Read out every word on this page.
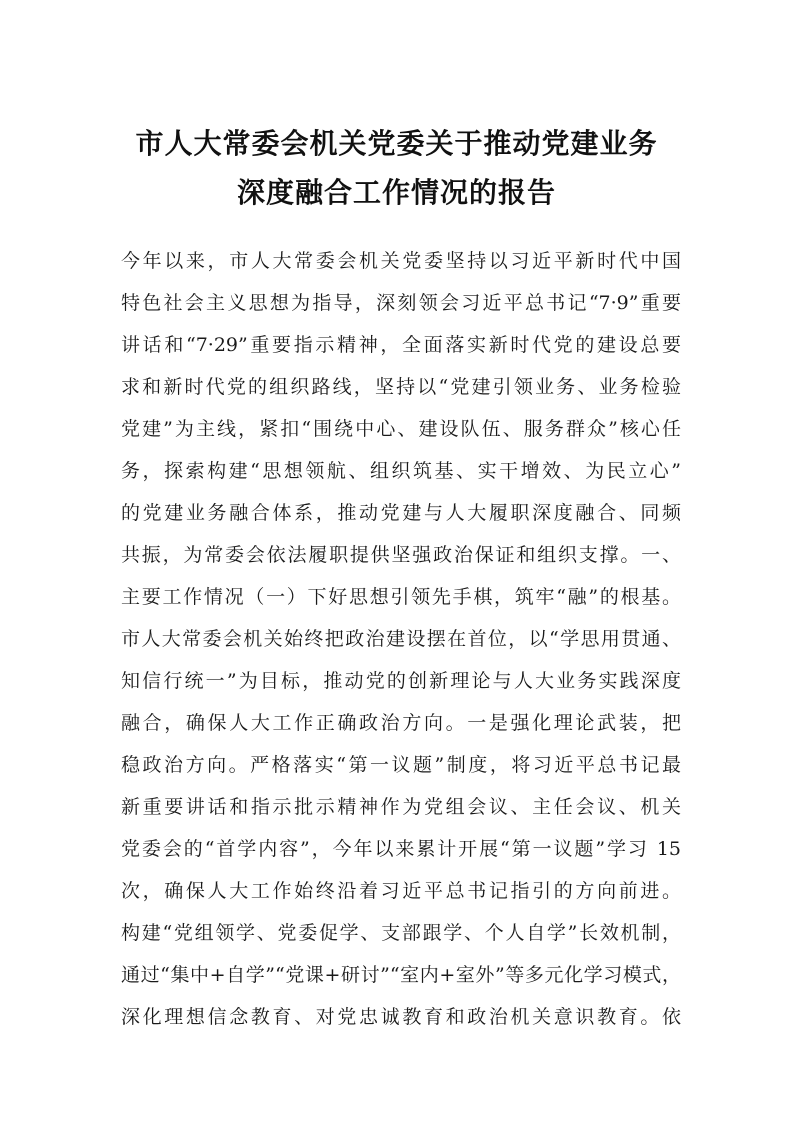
市人大常委会机关党委关于推动党建业务
深度融合工作情况的报告
今年以来，市人大常委会机关党委坚持以习近平新时代中国
特色社会主义思想为指导，深刻领会习近平总书记“7·9”重要
讲话和“7·29”重要指示精神，全面落实新时代党的建设总要
求和新时代党的组织路线，坚持以“党建引领业务、业务检验
党建”为主线，紧扣“围绕中心、建设队伍、服务群众”核心任
务，探索构建“思想领航、组织筑基、实干增效、为民立心”
的党建业务融合体系，推动党建与人大履职深度融合、同频
共振，为常委会依法履职提供坚强政治保证和组织支撑。一、
主要工作情况（一）下好思想引领先手棋，筑牢“融”的根基。
市人大常委会机关始终把政治建设摆在首位，以“学思用贯通、
知信行统一”为目标，推动党的创新理论与人大业务实践深度
融合，确保人大工作正确政治方向。一是强化理论武装，把
稳政治方向。严格落实“第一议题”制度，将习近平总书记最
新重要讲话和指示批示精神作为党组会议、主任会议、机关
党委会的“首学内容”，今年以来累计开展“第一议题”学习 15
次，确保人大工作始终沿着习近平总书记指引的方向前进。
构建“党组领学、党委促学、支部跟学、个人自学”长效机制，
通过“集中+自学”“党课+研讨”“室内+室外”等多元化学习模式，
深化理想信念教育、对党忠诚教育和政治机关意识教育。依
